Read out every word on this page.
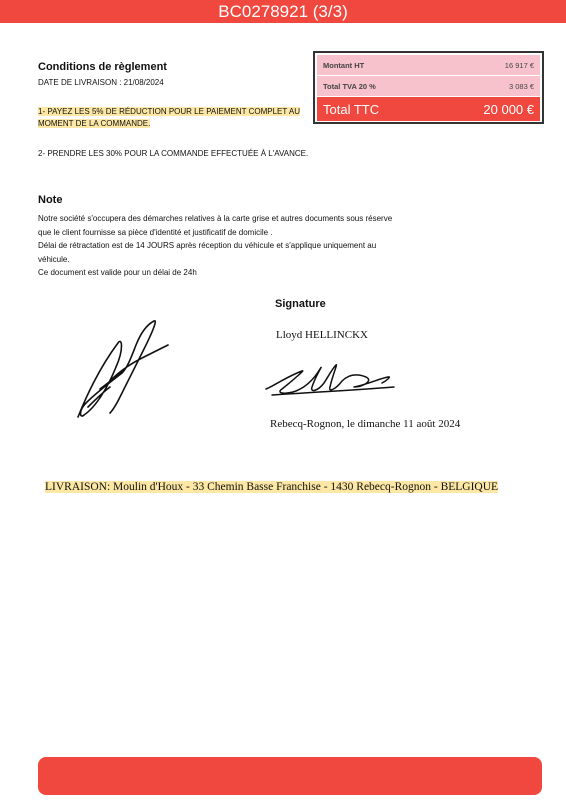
BC0278921 (3/3)
Conditions de règlement
DATE DE LIVRAISON : 21/08/2024
1- PAYEZ LES 5% DE RÉDUCTION POUR LE PAIEMENT COMPLET AU
MOMENT DE LA COMMANDE.
2- PRENDRE LES 30% POUR LA COMMANDE EFFECTUÉE À L'AVANCE.
Montant HT	16 917 €
Total TVA 20 %	3 083 €
Total TTC	20 000 €
Note
Notre société s'occupera des démarches relatives à la carte grise et autres documents sous réserve
que le client fournisse sa pièce d'identité et justificatif de domicile .
Délai de rétractation est de 14 JOURS après réception du véhicule et s'applique uniquement au
véhicule.
Ce document est valide pour un délai de 24h
Signature
Lloyd HELLINCKX
Rebecq-Rognon, le dimanche 11 août 2024
LIVRAISON: Moulin d'Houx - 33 Chemin Basse Franchise - 1430 Rebecq-Rognon - BELGIQUE
